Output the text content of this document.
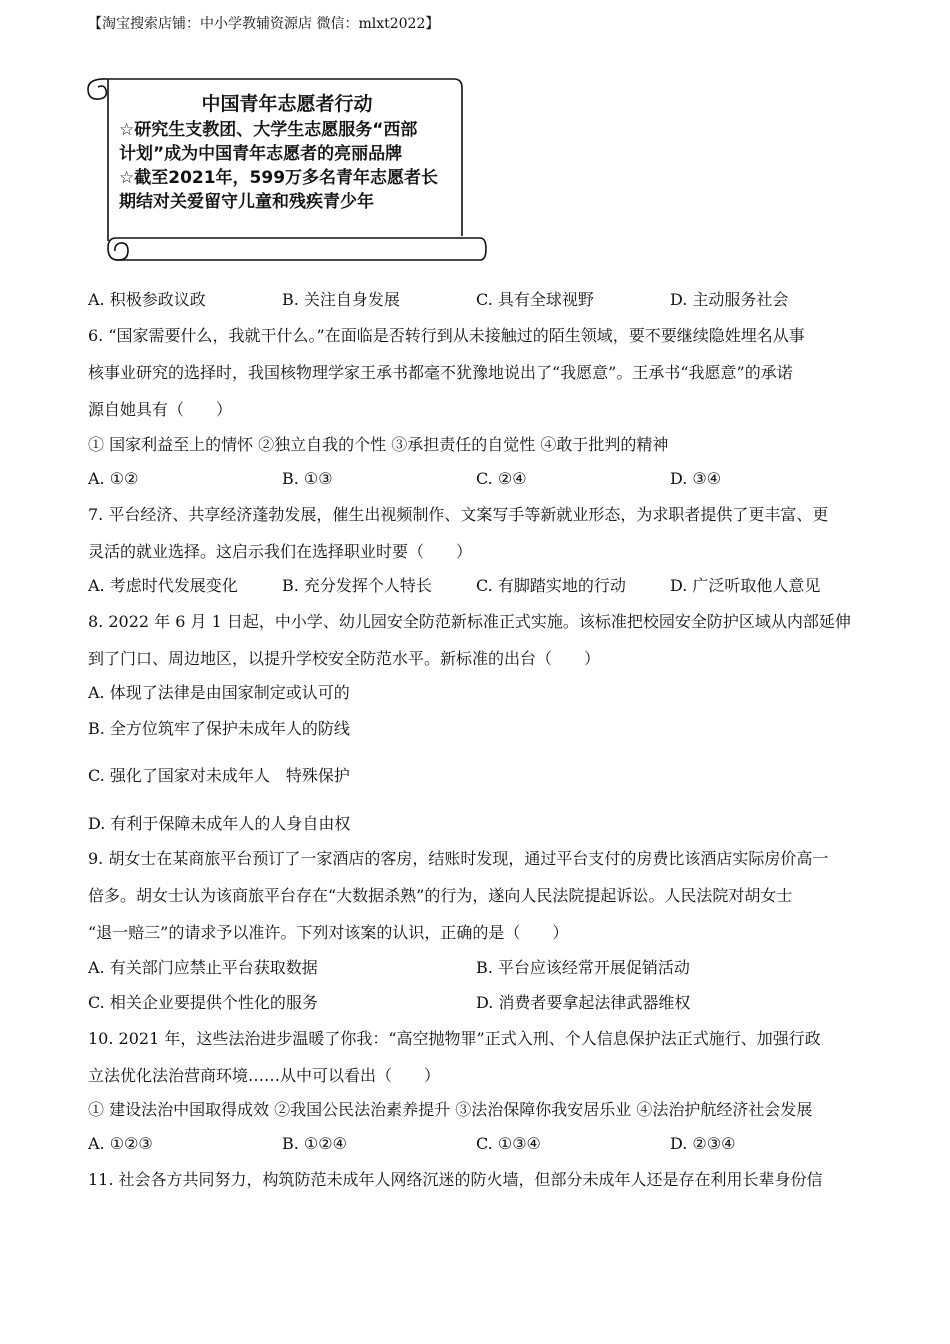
【淘宝搜索店铺：中小学教辅资源店 微信：mlxt2022】
中国青年志愿者行动
☆研究生支教团、大学生志愿服务“西部
计划”成为中国青年志愿者的亮丽品牌
☆截至2021年，599万多名青年志愿者长
期结对关爱留守儿童和残疾青少年
A. 积极参政议政	B. 关注自身发展	C. 具有全球视野	D. 主动服务社会
6. “国家需要什么，我就干什么。”在面临是否转行到从未接触过的陌生领域，要不要继续隐姓埋名从事
核事业研究的选择时，我国核物理学家王承书都毫不犹豫地说出了“我愿意”。王承书“我愿意”的承诺
源自她具有（　　）
① 国家利益至上的情怀 ②独立自我的个性 ③承担责任的自觉性 ④敢于批判的精神
A. ①②	B. ①③	C. ②④	D. ③④
7. 平台经济、共享经济蓬勃发展，催生出视频制作、文案写手等新就业形态，为求职者提供了更丰富、更
灵活的就业选择。这启示我们在选择职业时要（　　）
A. 考虑时代发展变化	B. 充分发挥个人特长	C. 有脚踏实地的行动	D. 广泛听取他人意见
8. 2022 年 6 月 1 日起，中小学、幼儿园安全防范新标准正式实施。该标准把校园安全防护区域从内部延伸
到了门口、周边地区，以提升学校安全防范水平。新标准的出台（　　）
A. 体现了法律是由国家制定或认可的
B. 全方位筑牢了保护未成年人的防线
C. 强化了国家对未成年人　特殊保护
D. 有利于保障未成年人的人身自由权
9. 胡女士在某商旅平台预订了一家酒店的客房，结账时发现，通过平台支付的房费比该酒店实际房价高一
倍多。胡女士认为该商旅平台存在“大数据杀熟”的行为，遂向人民法院提起诉讼。人民法院对胡女士
“退一赔三”的请求予以准许。下列对该案的认识，正确的是（　　）
A. 有关部门应禁止平台获取数据	B. 平台应该经常开展促销活动
C. 相关企业要提供个性化的服务	D. 消费者要拿起法律武器维权
10. 2021 年，这些法治进步温暖了你我：“高空抛物罪”正式入刑、个人信息保护法正式施行、加强行政
立法优化法治营商环境……从中可以看出（　　）
① 建设法治中国取得成效 ②我国公民法治素养提升 ③法治保障你我安居乐业 ④法治护航经济社会发展
A. ①②③	B. ①②④	C. ①③④	D. ②③④
11. 社会各方共同努力，构筑防范未成年人网络沉迷的防火墙，但部分未成年人还是存在利用长辈身份信
